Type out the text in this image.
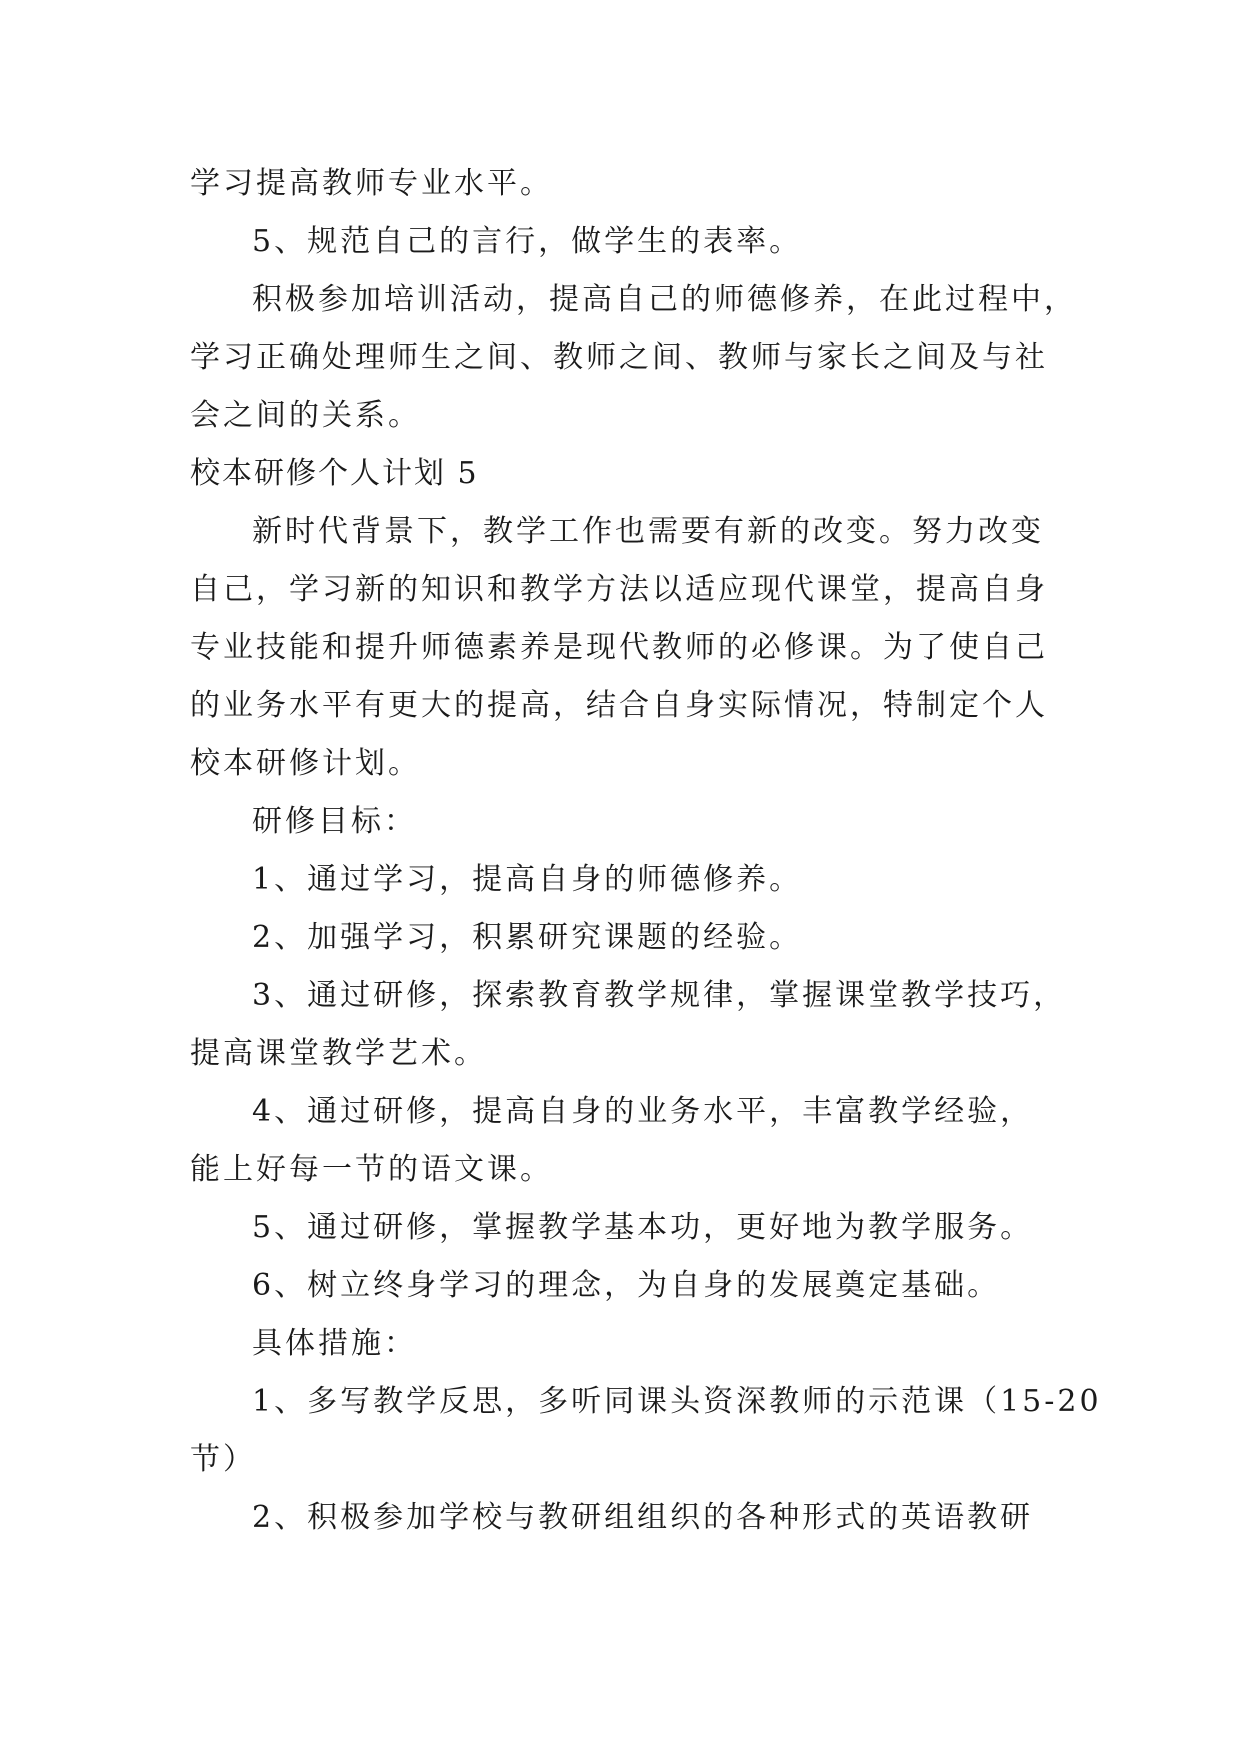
学习提高教师专业水平。
5、规范自己的言行，做学生的表率。
积极参加培训活动，提高自己的师德修养，在此过程中，
学习正确处理师生之间、教师之间、教师与家长之间及与社
会之间的关系。
校本研修个人计划 5
新时代背景下，教学工作也需要有新的改变。努力改变
自己，学习新的知识和教学方法以适应现代课堂，提高自身
专业技能和提升师德素养是现代教师的必修课。为了使自己
的业务水平有更大的提高，结合自身实际情况，特制定个人
校本研修计划。
研修目标：
1、通过学习，提高自身的师德修养。
2、加强学习，积累研究课题的经验。
3、通过研修，探索教育教学规律，掌握课堂教学技巧，
提高课堂教学艺术。
4、通过研修，提高自身的业务水平，丰富教学经验，
能上好每一节的语文课。
5、通过研修，掌握教学基本功，更好地为教学服务。
6、树立终身学习的理念，为自身的发展奠定基础。
具体措施：
1、多写教学反思，多听同课头资深教师的示范课（15-20
节）
2、积极参加学校与教研组组织的各种形式的英语教研
